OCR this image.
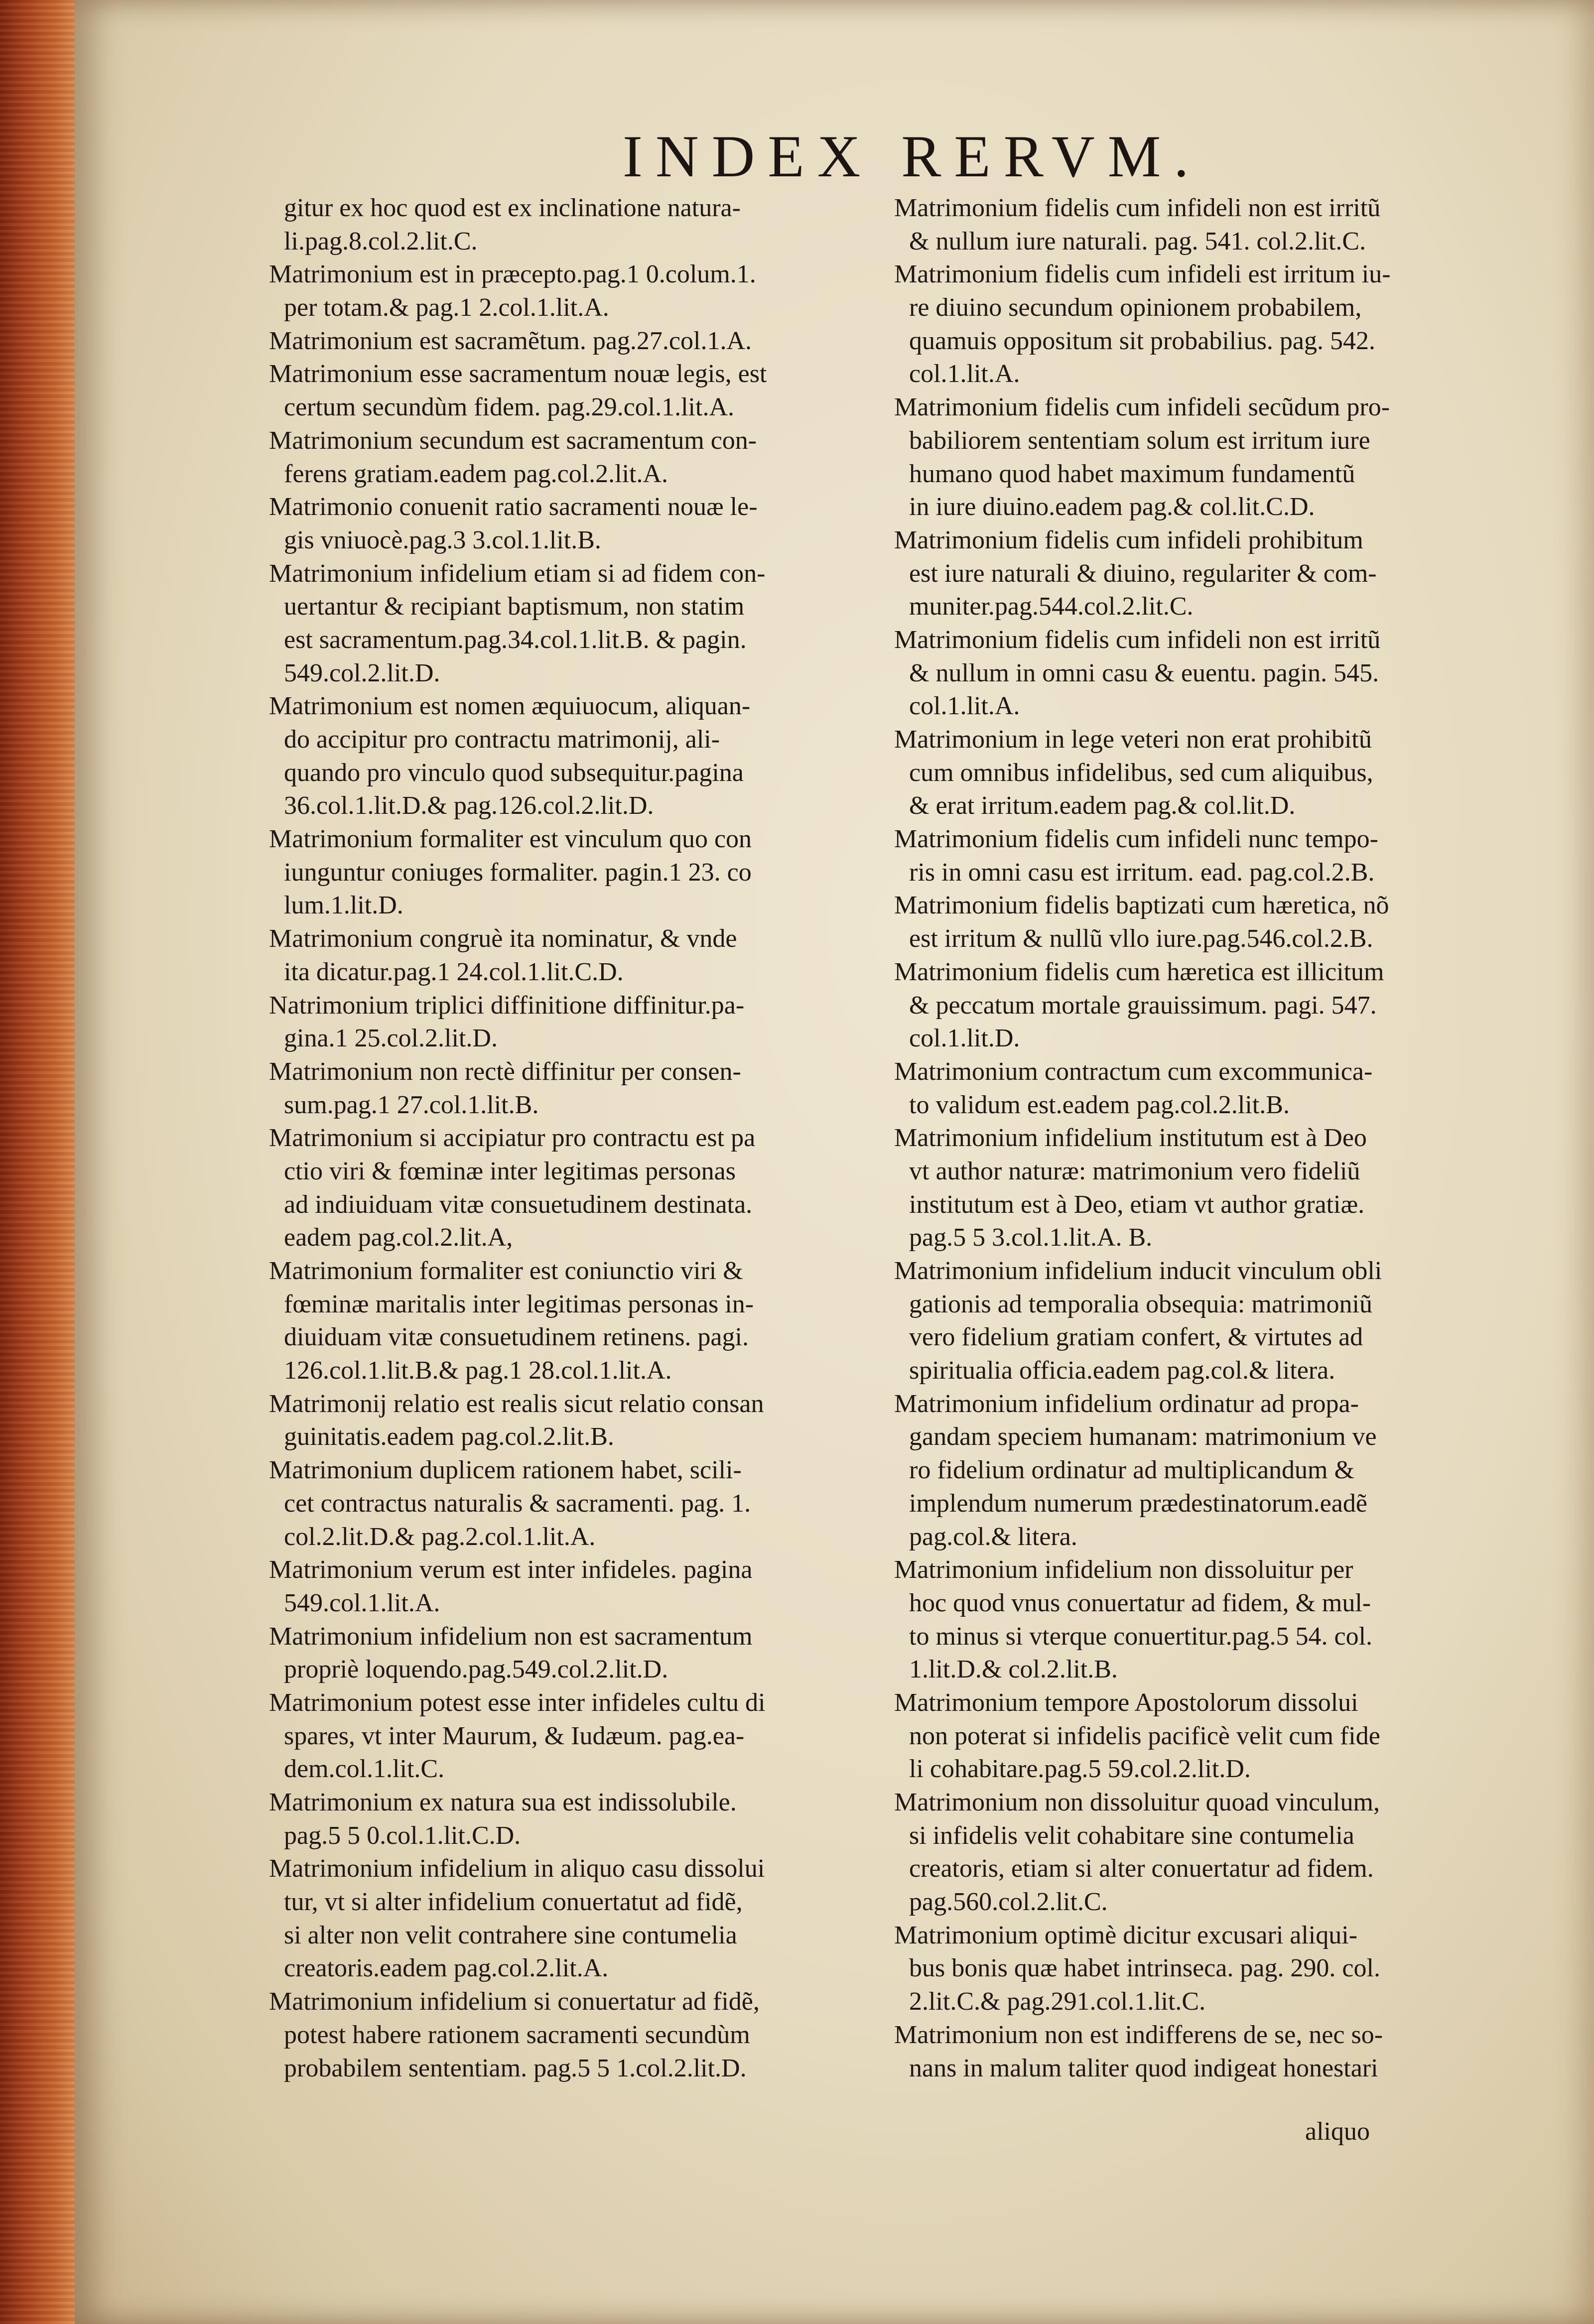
INDEX RERVM.
gitur ex hoc quod est ex inclinatione natura-
li.pag.8.col.2.lit.C.
Matrimonium est in præcepto.pag.1 0.colum.1.
per totam.& pag.1 2.col.1.lit.A.
Matrimonium est sacramẽtum. pag.27.col.1.A.
Matrimonium esse sacramentum nouæ legis, est
certum secundùm fidem. pag.29.col.1.lit.A.
Matrimonium secundum est sacramentum con-
ferens gratiam.eadem pag.col.2.lit.A.
Matrimonio conuenit ratio sacramenti nouæ le-
gis vniuocè.pag.3 3.col.1.lit.B.
Matrimonium infidelium etiam si ad fidem con-
uertantur & recipiant baptismum, non statim
est sacramentum.pag.34.col.1.lit.B. & pagin.
549.col.2.lit.D.
Matrimonium est nomen æquiuocum, aliquan-
do accipitur pro contractu matrimonij, ali-
quando pro vinculo quod subsequitur.pagina
36.col.1.lit.D.& pag.126.col.2.lit.D.
Matrimonium formaliter est vinculum quo con
iunguntur coniuges formaliter. pagin.1 23. co
lum.1.lit.D.
Matrimonium congruè ita nominatur, & vnde
ita dicatur.pag.1 24.col.1.lit.C.D.
Natrimonium triplici diffinitione diffinitur.pa-
gina.1 25.col.2.lit.D.
Matrimonium non rectè diffinitur per consen-
sum.pag.1 27.col.1.lit.B.
Matrimonium si accipiatur pro contractu est pa
ctio viri & fœminæ inter legitimas personas
ad indiuiduam vitæ consuetudinem destinata.
eadem pag.col.2.lit.A,
Matrimonium formaliter est coniunctio viri &
fœminæ maritalis inter legitimas personas in-
diuiduam vitæ consuetudinem retinens. pagi.
126.col.1.lit.B.& pag.1 28.col.1.lit.A.
Matrimonij relatio est realis sicut relatio consan
guinitatis.eadem pag.col.2.lit.B.
Matrimonium duplicem rationem habet, scili-
cet contractus naturalis & sacramenti. pag. 1.
col.2.lit.D.& pag.2.col.1.lit.A.
Matrimonium verum est inter infideles. pagina
549.col.1.lit.A.
Matrimonium infidelium non est sacramentum
propriè loquendo.pag.549.col.2.lit.D.
Matrimonium potest esse inter infideles cultu di
spares, vt inter Maurum, & Iudæum. pag.ea-
dem.col.1.lit.C.
Matrimonium ex natura sua est indissolubile.
pag.5 5 0.col.1.lit.C.D.
Matrimonium infidelium in aliquo casu dissolui
tur, vt si alter infidelium conuertatut ad fidẽ,
si alter non velit contrahere sine contumelia
creatoris.eadem pag.col.2.lit.A.
Matrimonium infidelium si conuertatur ad fidẽ,
potest habere rationem sacramenti secundùm
probabilem sententiam. pag.5 5 1.col.2.lit.D.
Matrimonium fidelis cum infideli non est irritũ
& nullum iure naturali. pag. 541. col.2.lit.C.
Matrimonium fidelis cum infideli est irritum iu-
re diuino secundum opinionem probabilem,
quamuis oppositum sit probabilius. pag. 542.
col.1.lit.A.
Matrimonium fidelis cum infideli secũdum pro-
babiliorem sententiam solum est irritum iure
humano quod habet maximum fundamentũ
in iure diuino.eadem pag.& col.lit.C.D.
Matrimonium fidelis cum infideli prohibitum
est iure naturali & diuino, regulariter & com-
muniter.pag.544.col.2.lit.C.
Matrimonium fidelis cum infideli non est irritũ
& nullum in omni casu & euentu. pagin. 545.
col.1.lit.A.
Matrimonium in lege veteri non erat prohibitũ
cum omnibus infidelibus, sed cum aliquibus,
& erat irritum.eadem pag.& col.lit.D.
Matrimonium fidelis cum infideli nunc tempo-
ris in omni casu est irritum. ead. pag.col.2.B.
Matrimonium fidelis baptizati cum hæretica, nõ
est irritum & nullũ vllo iure.pag.546.col.2.B.
Matrimonium fidelis cum hæretica est illicitum
& peccatum mortale grauissimum. pagi. 547.
col.1.lit.D.
Matrimonium contractum cum excommunica-
to validum est.eadem pag.col.2.lit.B.
Matrimonium infidelium institutum est à Deo
vt author naturæ: matrimonium vero fideliũ
institutum est à Deo, etiam vt author gratiæ.
pag.5 5 3.col.1.lit.A. B.
Matrimonium infidelium inducit vinculum obli
gationis ad temporalia obsequia: matrimoniũ
vero fidelium gratiam confert, & virtutes ad
spiritualia officia.eadem pag.col.& litera.
Matrimonium infidelium ordinatur ad propa-
gandam speciem humanam: matrimonium ve
ro fidelium ordinatur ad multiplicandum &
implendum numerum prædestinatorum.eadẽ
pag.col.& litera.
Matrimonium infidelium non dissoluitur per
hoc quod vnus conuertatur ad fidem, & mul-
to minus si vterque conuertitur.pag.5 54. col.
1.lit.D.& col.2.lit.B.
Matrimonium tempore Apostolorum dissolui
non poterat si infidelis pacificè velit cum fide
li cohabitare.pag.5 59.col.2.lit.D.
Matrimonium non dissoluitur quoad vinculum,
si infidelis velit cohabitare sine contumelia
creatoris, etiam si alter conuertatur ad fidem.
pag.560.col.2.lit.C.
Matrimonium optimè dicitur excusari aliqui-
bus bonis quæ habet intrinseca. pag. 290. col.
2.lit.C.& pag.291.col.1.lit.C.
Matrimonium non est indifferens de se, nec so-
nans in malum taliter quod indigeat honestari
aliquo
